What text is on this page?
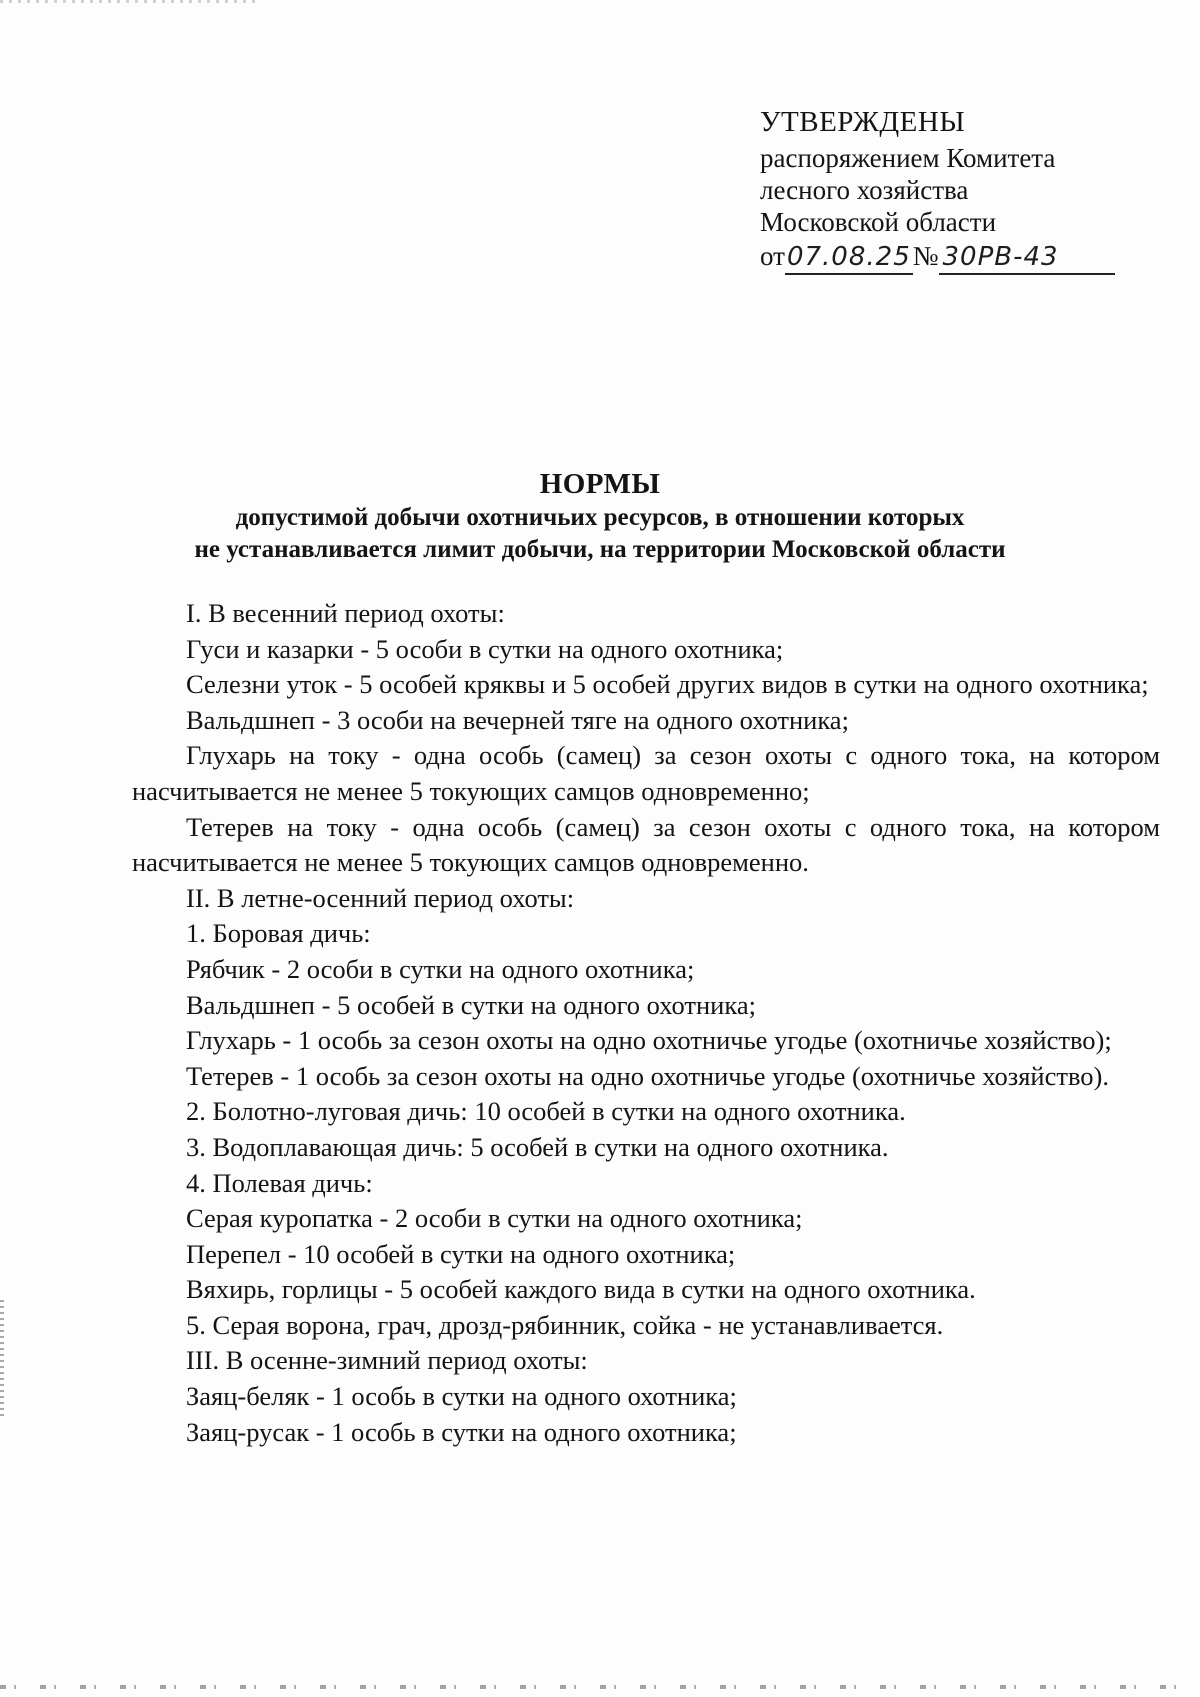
УТВЕРЖДЕНЫ
распоряжением Комитета
лесного хозяйства
Московской области
от07.08.25№ 30РВ-43
НОРМЫ
допустимой добычи охотничьих ресурсов, в отношении которых
не устанавливается лимит добычи, на территории Московской области

I. В весенний период охоты:

Гуси и казарки - 5 особи в сутки на одного охотника;

Селезни уток - 5 особей кряквы и 5 особей других видов в сутки на одного охотника;

Вальдшнеп - 3 особи на вечерней тяге на одного охотника;

Глухарь на току - одна особь (самец) за сезон охоты с одного тока, на котором насчитывается не менее 5 токующих самцов одновременно;

Тетерев на току - одна особь (самец) за сезон охоты с одного тока, на котором насчитывается не менее 5 токующих самцов одновременно.

II. В летне-осенний период охоты:

1. Боровая дичь:

Рябчик - 2 особи в сутки на одного охотника;

Вальдшнеп - 5 особей в сутки на одного охотника;

Глухарь - 1 особь за сезон охоты на одно охотничье угодье (охотничье хозяйство);

Тетерев - 1 особь за сезон охоты на одно охотничье угодье (охотничье хозяйство).

2. Болотно-луговая дичь: 10 особей в сутки на одного охотника.

3. Водоплавающая дичь: 5 особей в сутки на одного охотника.

4. Полевая дичь:

Серая куропатка - 2 особи в сутки на одного охотника;

Перепел - 10 особей в сутки на одного охотника;

Вяхирь, горлицы - 5 особей каждого вида в сутки на одного охотника.

5. Серая ворона, грач, дрозд-рябинник, сойка - не устанавливается.

III. В осенне-зимний период охоты:

Заяц-беляк - 1 особь в сутки на одного охотника;

Заяц-русак - 1 особь в сутки на одного охотника;
